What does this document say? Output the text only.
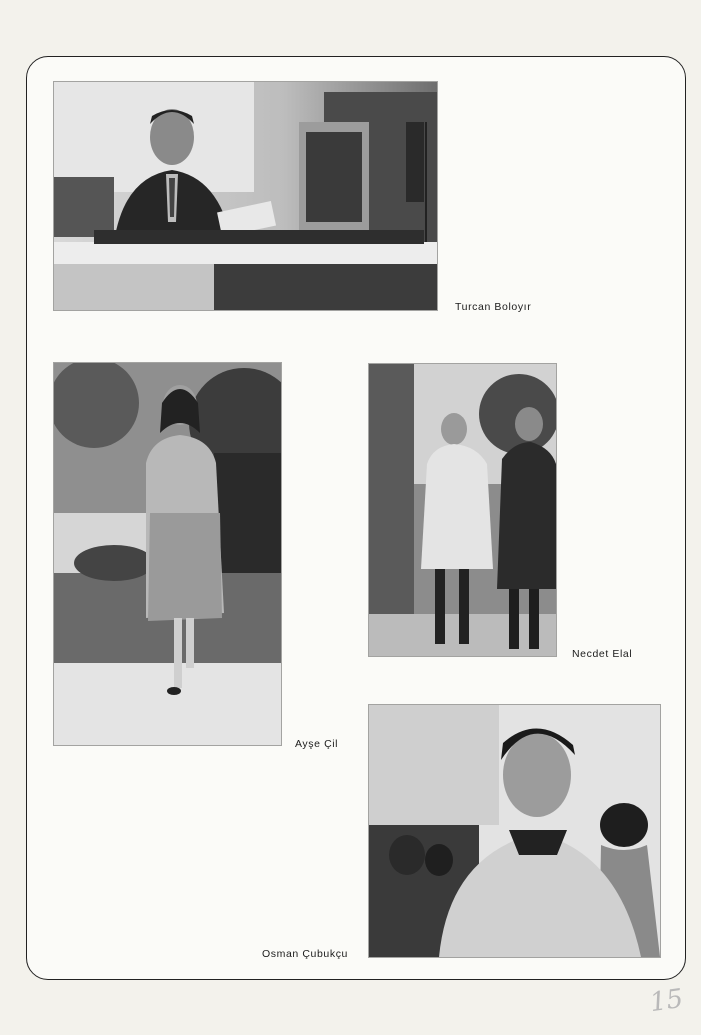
Turcan Boloyır
Ayşe Çil
Necdet Elal
Osman Çubukçu
15
